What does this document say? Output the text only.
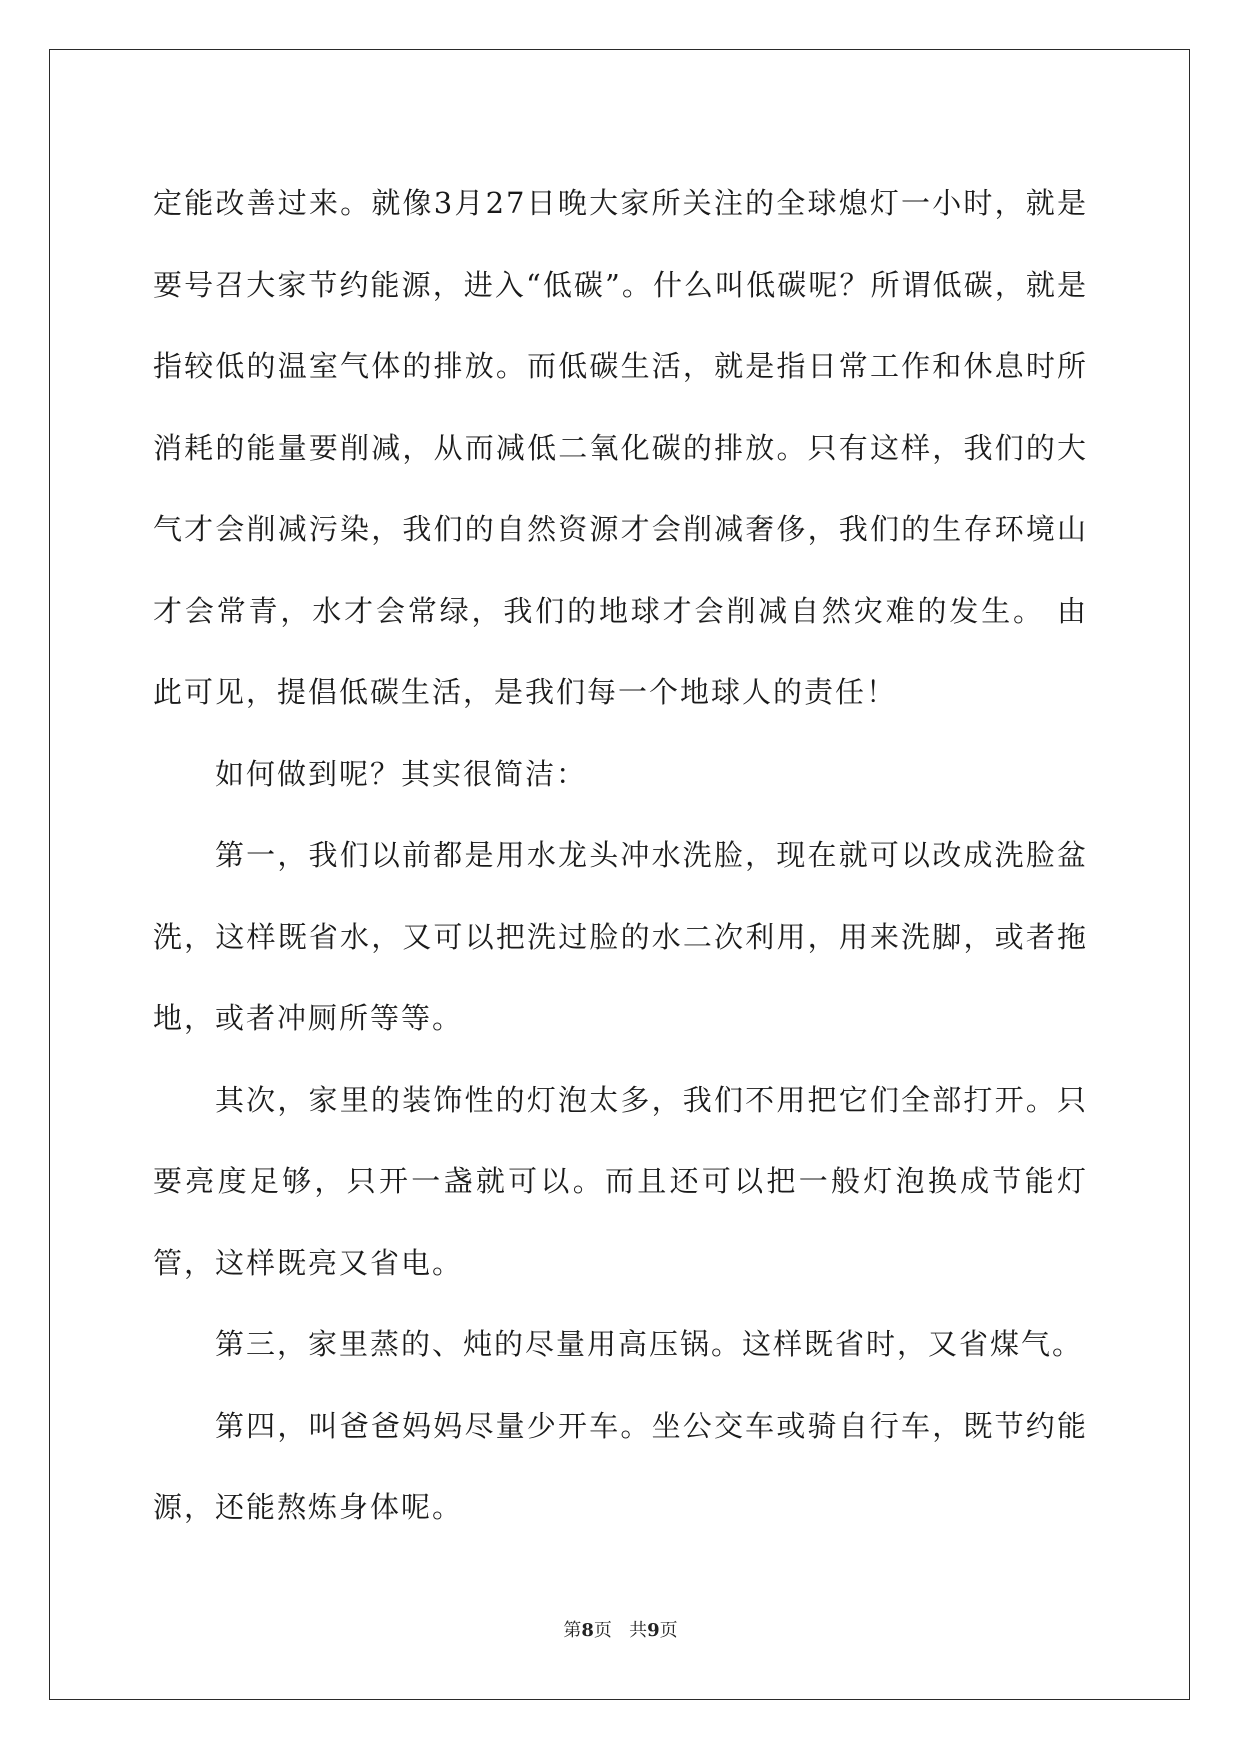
定能改善过来。就像3月27日晚大家所关注的全球熄灯一小时，就是要号召大家节约能源，进入“低碳”。什么叫低碳呢？所谓低碳，就是指较低的温室气体的排放。而低碳生活，就是指日常工作和休息时所消耗的能量要削减，从而减低二氧化碳的排放。只有这样，我们的大气才会削减污染，我们的自然资源才会削减奢侈，我们的生存环境山才会常青，水才会常绿，我们的地球才会削减自然灾难的发生。 由此可见，提倡低碳生活，是我们每一个地球人的责任！

如何做到呢？其实很简洁：

第一，我们以前都是用水龙头冲水洗脸，现在就可以改成洗脸盆洗，这样既省水，又可以把洗过脸的水二次利用，用来洗脚，或者拖地，或者冲厕所等等。

其次，家里的装饰性的灯泡太多，我们不用把它们全部打开。只要亮度足够，只开一盏就可以。而且还可以把一般灯泡换成节能灯管，这样既亮又省电。

第三，家里蒸的、炖的尽量用高压锅。这样既省时，又省煤气。

第四，叫爸爸妈妈尽量少开车。坐公交车或骑自行车，既节约能源，还能熬炼身体呢。

第8页 共9页
